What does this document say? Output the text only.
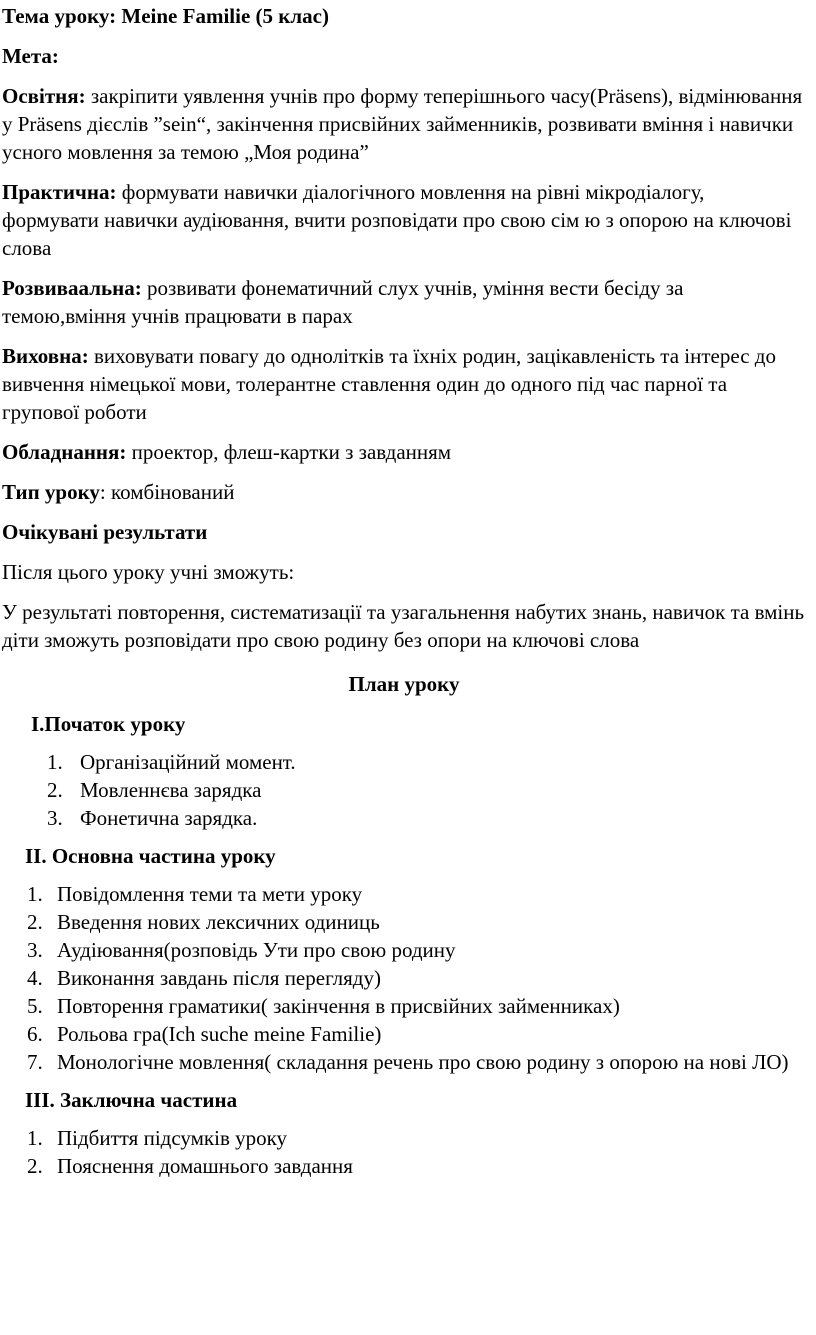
Тема уроку: Meine Familie (5 клас)

Мета:

Освітня: закріпити уявлення учнів про форму теперішнього часу(Präsens), відмінювання у Präsens дієслів ”sein“, закінчення присвійних займенників, розвивати вміння і навички усного мовлення за темою „Моя родина”

Практична: формувати навички діалогічного мовлення на рівні мікродіалогу, формувати навички аудіювання, вчити розповідати про свою сім ю з опорою на ключові слова

Розвиваальна: розвивати фонематичний слух учнів, уміння вести бесіду за темою,вміння учнів працювати в парах

Виховна: виховувати повагу до однолітків та їхніх родин, зацікавленість та інтерес до вивчення німецької мови, толерантне ставлення один до одного під час парної та групової роботи

Обладнання: проектор, флеш-картки з завданням

Тип уроку: комбінований

Очікувані результати

Після цього уроку учні зможуть:

У результаті повторення, систематизації та узагальнення набутих знань, навичок та вмінь діти зможуть розповідати про свою родину без опори на ключові слова

План уроку

I.Початок уроку

1. Організаційний момент.
2. Мовленнєва зарядка
3. Фонетична зарядка.

II. Основна частина уроку

1. Повідомлення теми та мети уроку
2. Введення нових лексичних одиниць
3. Аудіювання(розповідь Ути про свою родину
4. Виконання завдань після перегляду)
5. Повторення граматики( закінчення в присвійних займенниках)
6. Рольова гра(Ich suche meine Familie)
7. Монологічне мовлення( складання речень про свою родину з опорою на нові ЛО)

III. Заключна частина

1. Підбиття підсумків уроку
2. Пояснення домашнього завдання
